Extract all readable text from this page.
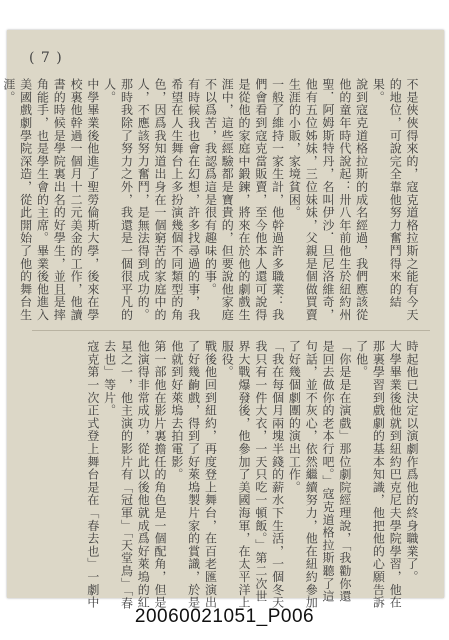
( 7 )

不是俠俠得來的，寇克道格拉斯之能有今天的地位，可說完全靠他努力奮鬥得來的結果。

說到寇克道格拉斯的成名經過，我們應該從他的童年時代說起：卅八年前他生於紐約州聖．阿姆斯特丹，名叫伊沙．旦尼洛維奇，他有五位姊妹，三位妹妹，父親是個做買賣生涯的小販，家境貧困。

一般了維持一家生計，他幹過許多職業：我們會看到寇克當販賣，至今他本人還可說得是從他的家庭中鍛鍊，將來在於他的劇戲生涯中，這些經驗都是寶貴的，但要說他家庭不以爲苦，我認爲這是很有趣味的事。

有時候我也會在幻想，許多找尋過的事，我希望在人生舞台上多扮演幾個不同類型的角色，因爲我知道出身在一個窮苦的家庭中的人，不應該努力奮鬥，是無法得到成功的。那時我除了努力之外，我還是一個很平凡的人。

中學畢業後他進了聖勞倫斯大學，後來在學校裏他幹過一個月十二元美金的工作，他讀書的時候是學院裏出名的好學生，並且是摔角能手，也是學生會的主席。畢業後他進入美國戲劇學院深造，從此開始了他的舞台生涯。

時起他已決定以演劇作爲他的終身職業了。

大學畢業後他就到紐約巴克尼夫學院學習，他在那裏學習到戲劇的基本知識，他把他的心願告訴了他。

「你是是在演戲」那位劇院經理說，「我勸你還是回去做你的老本行吧。」寇克道格拉斯聽了這句話，並不灰心，依然繼續努力，他在紐約參加了好幾個劇團的演出工作。

「我在每個月兩塊半錢的薪水下生活，一個冬天我只有一件大衣，一天只吃一頓飯。」第二次世界大戰爆發後，他參加了美國海軍，在太平洋上服役。

戰後他回到紐約，再度登上舞台，在百老匯演出了好幾齣戲，得到了好萊塢製片家的賞識，於是他就到好萊塢去拍電影。

第一部他在影片裏擔任的角色是一個配角，但是他演得非常成功，從此以後他就成爲好萊塢的紅星之一，他主演的影片有「冠軍」「天堂鳥」「春去也」等片。

寇克第一次正式登上舞台是在「春去也」一劇中

20060021051_P006
